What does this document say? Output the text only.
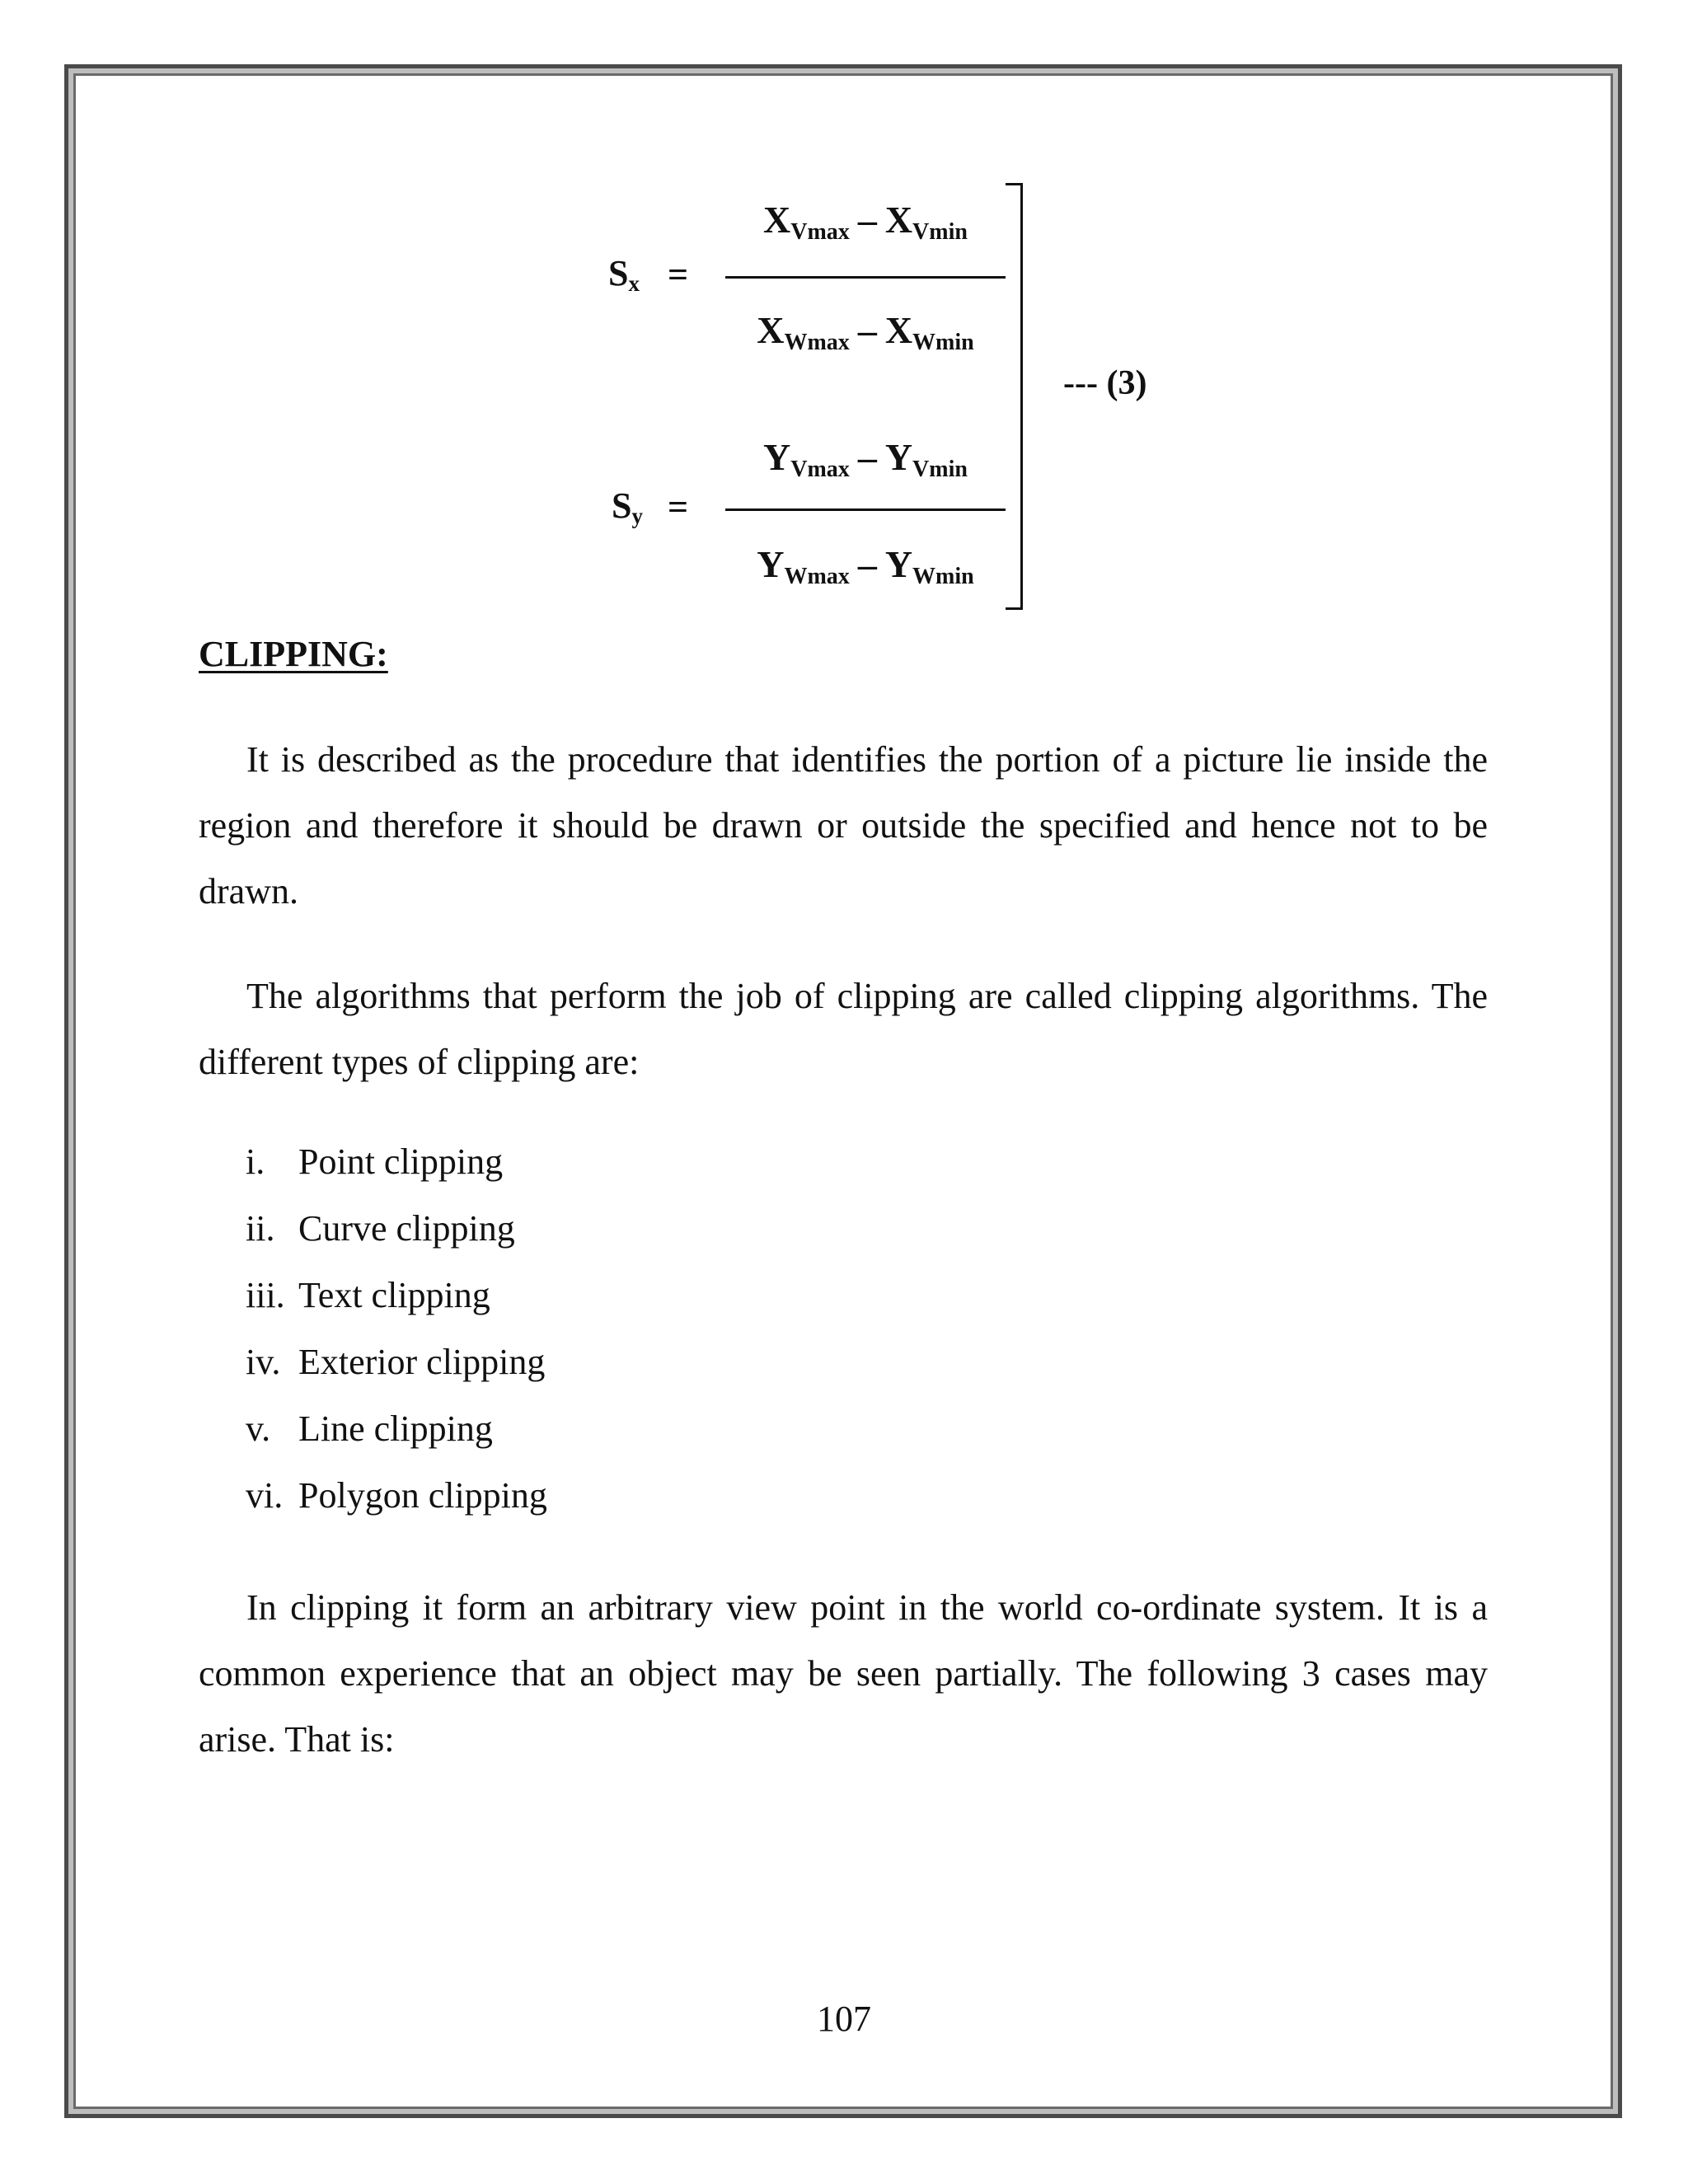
$S_x$ =
$X_{Vmax} - X_{Vmin}$
$X_{Wmax} - X_{Wmin}$
$S_y$ =
$Y_{Vmax} - Y_{Vmin}$
$Y_{Wmax} - Y_{Wmin}$
--- (3)
CLIPPING:

It is described as the procedure that identifies the portion of a picture lie inside the region and therefore it should be drawn or outside the specified and hence not to be drawn.

The algorithms that perform the job of clipping are called clipping algorithms. The different types of clipping are:

i. Point clipping
ii. Curve clipping
iii. Text clipping
iv. Exterior clipping
v. Line clipping
vi. Polygon clipping

In clipping it form an arbitrary view point in the world co-ordinate system. It is a common experience that an object may be seen partially. The following 3 cases may arise. That is:

107
